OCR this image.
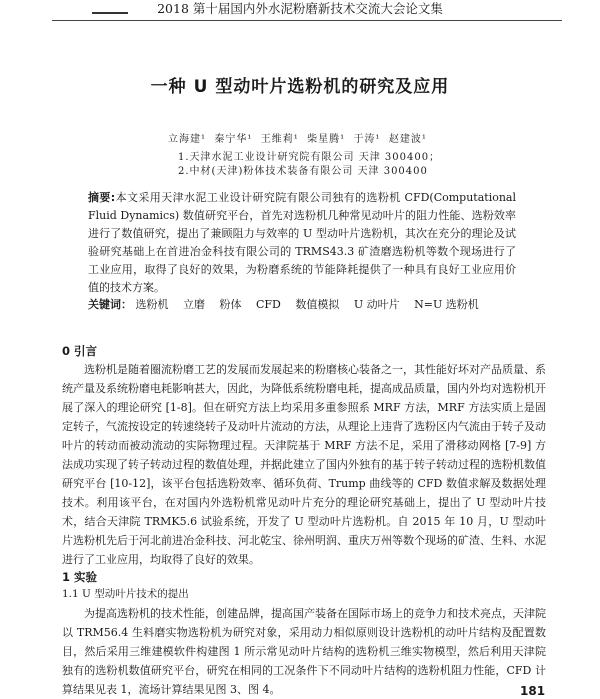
2018 第十届国内外水泥粉磨新技术交流大会论文集
一种 U 型动叶片选粉机的研究及应用
立海建¹ 秦宁华¹ 王维莉¹ 柴星腾¹ 于涛¹ 赵建波¹
1.天津水泥工业设计研究院有限公司 天津 300400；
2.中材(天津)粉体技术装备有限公司 天津 300400
摘要:本文采用天津水泥工业设计研究院有限公司独有的选粉机 CFD(Computational Fluid Dynamics) 数值研究平台，首先对选粉机几种常见动叶片的阻力性能、选粉效率进行了数值研究，提出了兼顾阻力与效率的 U 型动叶片选粉机，其次在充分的理论及试验研究基础上在首进冶金科技有限公司的 TRMS43.3 矿渣磨选粉机等数个现场进行了工业应用，取得了良好的效果，为粉磨系统的节能降耗提供了一种具有良好工业应用价值的技术方案。
关键词： 选粉机 立磨 粉体 CFD 数值模拟 U 动叶片 N=U 选粉机
0 引言

选粉机是随着圈流粉磨工艺的发展而发展起来的粉磨核心装备之一，其性能好坏对产品质量、系统产量及系统粉磨电耗影响甚大，因此，为降低系统粉磨电耗，提高成品质量，国内外均对选粉机开展了深入的理论研究 [1-8]。但在研究方法上均采用多重参照系 MRF 方法，MRF 方法实质上是固定转子，气流按设定的转速绕转子及动叶片流动的方法，从理论上违背了选粉区内气流由于转子及动叶片的转动而被动流动的实际物理过程。天津院基于 MRF 方法不足，采用了滑移动网格 [7-9] 方法成功实现了转子转动过程的数值处理，并据此建立了国内外独有的基于转子转动过程的选粉机数值研究平台 [10-12]，该平台包括选粉效率、循环负荷、Trump 曲线等的 CFD 数值求解及数据处理技术。利用该平台，在对国内外选粉机常见动叶片充分的理论研究基础上，提出了 U 型动叶片技术，结合天津院 TRMK5.6 试验系统，开发了 U 型动叶片选粉机。自 2015 年 10 月，U 型动叶片选粉机先后于河北前进冶金科技、河北乾宝、徐州明润、重庆万州等数个现场的矿渣、生料、水泥进行了工业应用，均取得了良好的效果。

1 实验
1.1 U 型动叶片技术的提出

为提高选粉机的技术性能，创建品牌，提高国产装备在国际市场上的竞争力和技术亮点，天津院以 TRM56.4 生料磨实物选粉机为研究对象，采用动力相似原则设计选粉机的动叶片结构及配置数目，然后采用三维建模软件构建图 1 所示常见动叶片结构的选粉机三维实物模型，然后利用天津院独有的选粉机数值研究平台，研究在相同的工况条件下不同动叶片结构的选粉机阻力性能，CFD 计算结果见表 1，流场计算结果见图 3、图 4。	181
